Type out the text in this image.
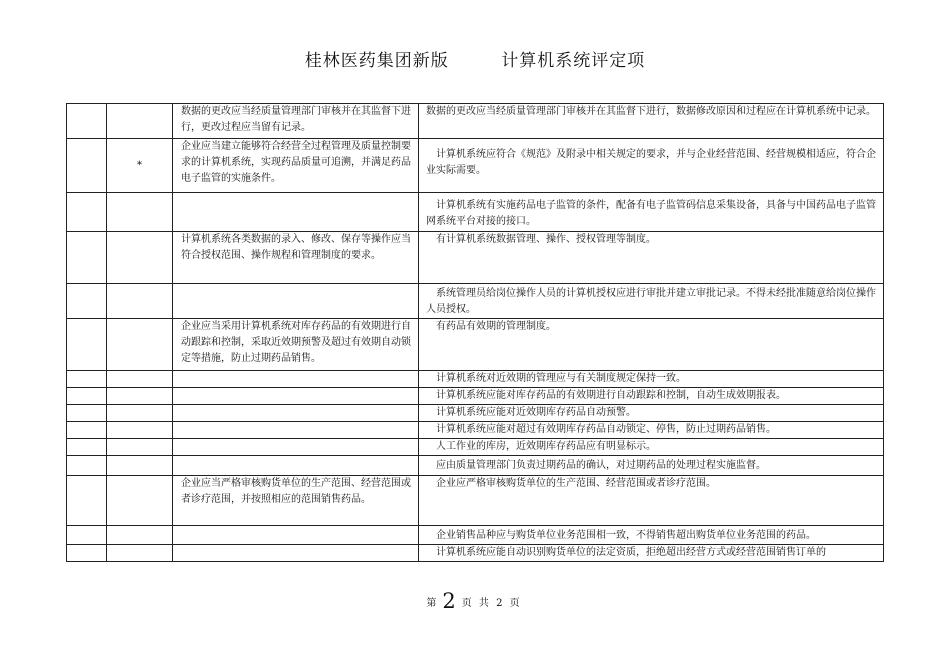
桂林医药集团新版	计算机系统评定项
		数据的更改应当经质量管理部门审核并在其监督下进行，更改过程应当留有记录。	数据的更改应当经质量管理部门审核并在其监督下进行，数据修改原因和过程应在计算机系统中记录。
	*	企业应当建立能够符合经营全过程管理及质量控制要求的计算机系统，实现药品质量可追溯，并满足药品电子监管的实施条件。	计算机系统应符合《规范》及附录中相关规定的要求，并与企业经营范围、经营规模相适应，符合企业实际需要。
			计算机系统有实施药品电子监管的条件，配备有电子监管码信息采集设备，具备与中国药品电子监管网系统平台对接的接口。
		计算机系统各类数据的录入、修改、保存等操作应当符合授权范围、操作规程和管理制度的要求。	有计算机系统数据管理、操作、授权管理等制度。
			系统管理员给岗位操作人员的计算机授权应进行审批并建立审批记录。不得未经批准随意给岗位操作人员授权。
		企业应当采用计算机系统对库存药品的有效期进行自动跟踪和控制，采取近效期预警及超过有效期自动锁定等措施，防止过期药品销售。	有药品有效期的管理制度。
			计算机系统对近效期的管理应与有关制度规定保持一致。
			计算机系统应能对库存药品的有效期进行自动跟踪和控制，自动生成效期报表。
			计算机系统应能对近效期库存药品自动预警。
			计算机系统应能对超过有效期库存药品自动锁定、停售，防止过期药品销售。
			人工作业的库房，近效期库存药品应有明显标示。
			应由质量管理部门负责过期药品的确认，对过期药品的处理过程实施监督。
		企业应当严格审核购货单位的生产范围、经营范围或者诊疗范围，并按照相应的范围销售药品。	企业应严格审核购货单位的生产范围、经营范围或者诊疗范围。
			企业销售品种应与购货单位业务范围相一致，不得销售超出购货单位业务范围的药品。
			计算机系统应能自动识别购货单位的法定资质，拒绝超出经营方式或经营范围销售订单的
第 2 页 共 2 页
